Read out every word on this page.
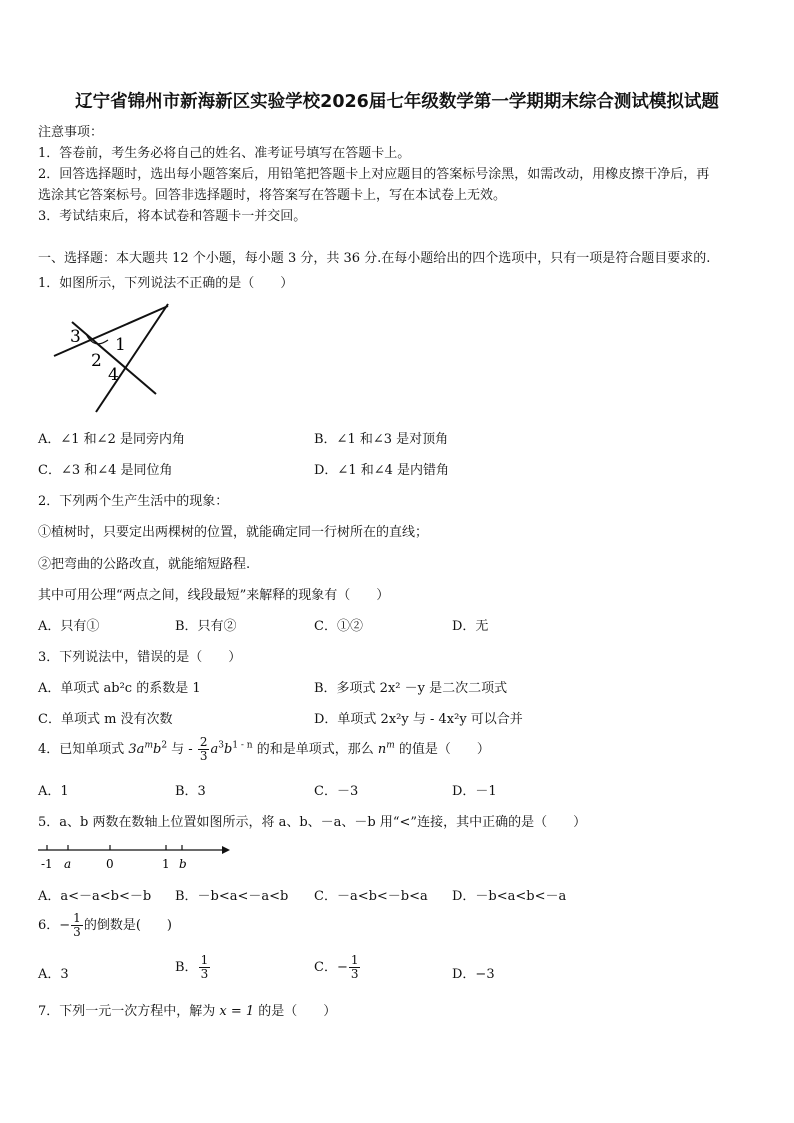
辽宁省锦州市新海新区实验学校2026届七年级数学第一学期期末综合测试模拟试题
注意事项：
1．答卷前，考生务必将自己的姓名、准考证号填写在答题卡上。
2．回答选择题时，选出每小题答案后，用铅笔把答题卡上对应题目的答案标号涂黑，如需改动，用橡皮擦干净后，再
选涂其它答案标号。回答非选择题时，将答案写在答题卡上，写在本试卷上无效。
3．考试结束后，将本试卷和答题卡一并交回。
一、选择题：本大题共 12 个小题，每小题 3 分，共 36 分.在每小题给出的四个选项中，只有一项是符合题目要求的.
1．如图所示，下列说法不正确的是（　　）
3
2
1
4
A．∠1 和∠2 是同旁内角	B．∠1 和∠3 是对顶角
C．∠3 和∠4 是同位角	D．∠1 和∠4 是内错角
2．下列两个生产生活中的现象：
①植树时，只要定出两棵树的位置，就能确定同一行树所在的直线；
②把弯曲的公路改直，就能缩短路程.
其中可用公理“两点之间，线段最短”来解释的现象有（　　）
A．只有①	B．只有②	C．①②	D．无
3．下列说法中，错误的是（　　）
A．单项式 ab²c 的系数是 1	B．多项式 2x² －y 是二次二项式
C．单项式 m 没有次数	D．单项式 2x²y 与 - 4x²y 可以合并
4．已知单项式 $3a^mb^2$ 与 - $\frac{2}{3} a^3b^{1 - n}$ 的和是单项式，那么 $n^m$ 的值是（　　）
A．1	B．3	C．－3	D．－1
5．a、b 两数在数轴上位置如图所示，将 a、b、－a、－b 用“<”连接，其中正确的是（　　）
-1 a	0	1 b
A．a<－a<b<－b B．－b<a<－a<b C．－a<b<－b<a D．－b<a<b<－a
6．− $\frac{1}{3}$ 的倒数是(　　)
A．3	B． $\frac{1}{3}$	C．− $\frac{1}{3}$	D．−3
7．下列一元一次方程中，解为 x = 1 的是（　　）
